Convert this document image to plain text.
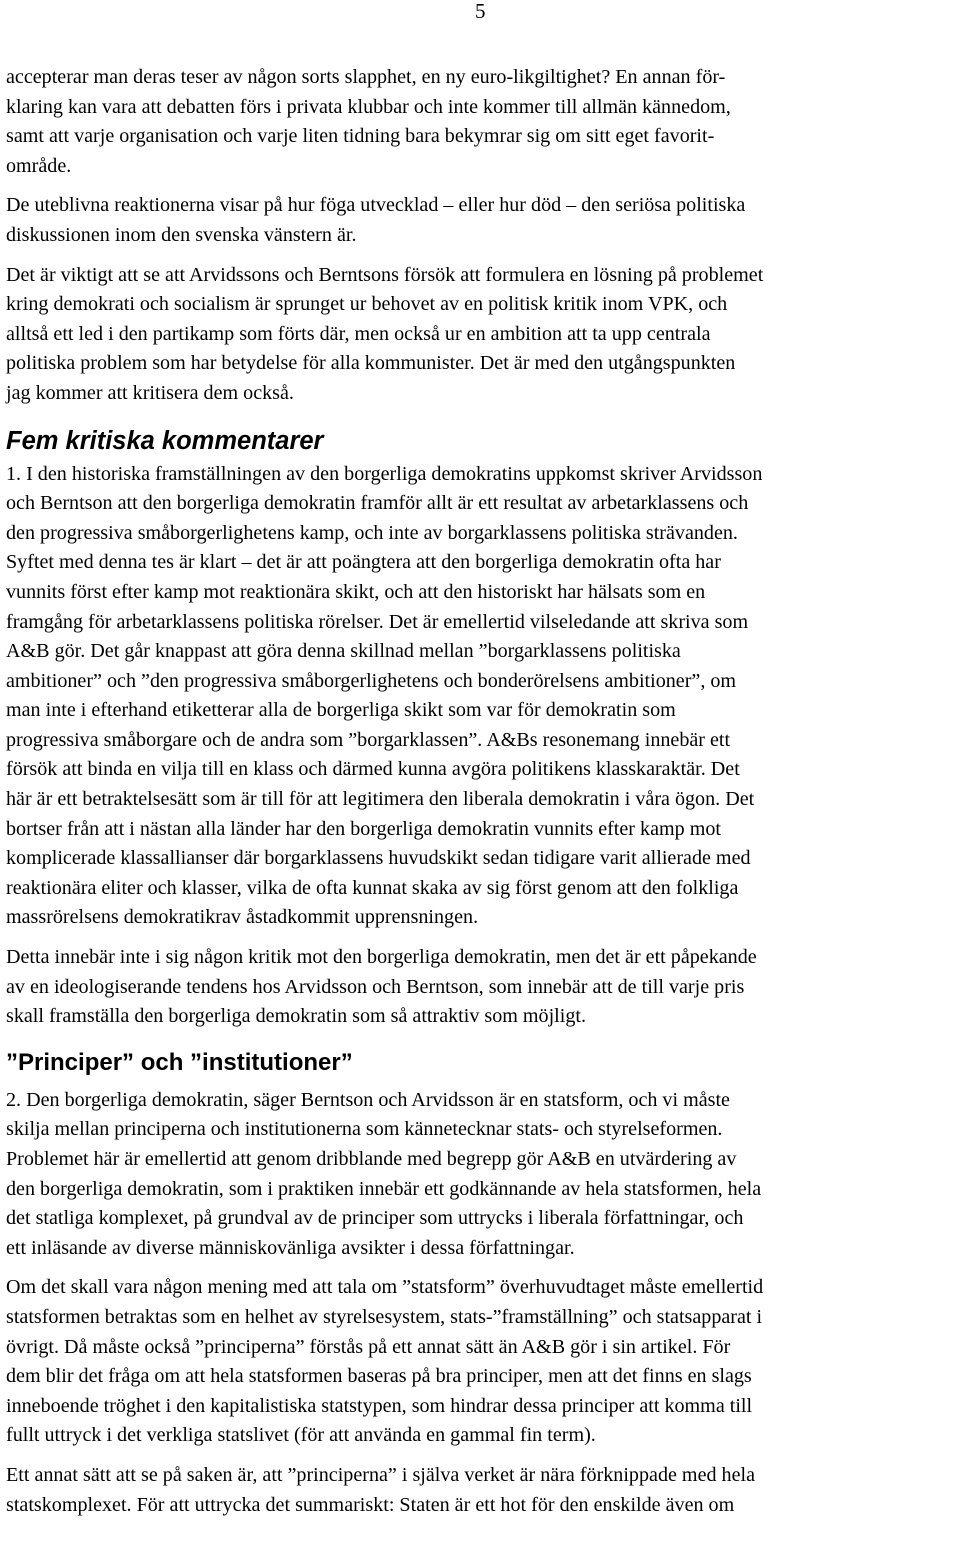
5

accepterar man deras teser av någon sorts slapphet, en ny euro-likgiltighet? En annan för-
klaring kan vara att debatten förs i privata klubbar och inte kommer till allmän kännedom,
samt att varje organisation och varje liten tidning bara bekymrar sig om sitt eget favorit-
område.

De uteblivna reaktionerna visar på hur föga utvecklad – eller hur död – den seriösa politiska
diskussionen inom den svenska vänstern är.

Det är viktigt att se att Arvidssons och Berntsons försök att formulera en lösning på problemet
kring demokrati och socialism är sprunget ur behovet av en politisk kritik inom VPK, och
alltså ett led i den partikamp som förts där, men också ur en ambition att ta upp centrala
politiska problem som har betydelse för alla kommunister. Det är med den utgångspunkten
jag kommer att kritisera dem också.

Fem kritiska kommentarer

1. I den historiska framställningen av den borgerliga demokratins uppkomst skriver Arvidsson
och Berntson att den borgerliga demokratin framför allt är ett resultat av arbetarklassens och
den progressiva småborgerlighetens kamp, och inte av borgarklassens politiska strävanden.
Syftet med denna tes är klart – det är att poängtera att den borgerliga demokratin ofta har
vunnits först efter kamp mot reaktionära skikt, och att den historiskt har hälsats som en
framgång för arbetarklassens politiska rörelser. Det är emellertid vilseledande att skriva som
A&B gör. Det går knappast att göra denna skillnad mellan ”borgarklassens politiska
ambitioner” och ”den progressiva småborgerlighetens och bonderörelsens ambitioner”, om
man inte i efterhand etiketterar alla de borgerliga skikt som var för demokratin som
progressiva småborgare och de andra som ”borgarklassen”. A&Bs resonemang innebär ett
försök att binda en vilja till en klass och därmed kunna avgöra politikens klasskaraktär. Det
här är ett betraktelsesätt som är till för att legitimera den liberala demokratin i våra ögon. Det
bortser från att i nästan alla länder har den borgerliga demokratin vunnits efter kamp mot
komplicerade klassallianser där borgarklassens huvudskikt sedan tidigare varit allierade med
reaktionära eliter och klasser, vilka de ofta kunnat skaka av sig först genom att den folkliga
massrörelsens demokratikrav åstadkommit upprensningen.

Detta innebär inte i sig någon kritik mot den borgerliga demokratin, men det är ett påpekande
av en ideologiserande tendens hos Arvidsson och Berntson, som innebär att de till varje pris
skall framställa den borgerliga demokratin som så attraktiv som möjligt.

”Principer” och ”institutioner”

2. Den borgerliga demokratin, säger Berntson och Arvidsson är en statsform, och vi måste
skilja mellan principerna och institutionerna som kännetecknar stats- och styrelseformen.
Problemet här är emellertid att genom dribblande med begrepp gör A&B en utvärdering av
den borgerliga demokratin, som i praktiken innebär ett godkännande av hela statsformen, hela
det statliga komplexet, på grundval av de principer som uttrycks i liberala författningar, och
ett inläsande av diverse människovänliga avsikter i dessa författningar.

Om det skall vara någon mening med att tala om ”statsform” överhuvudtaget måste emellertid
statsformen betraktas som en helhet av styrelsesystem, stats-”framställning” och statsapparat i
övrigt. Då måste också ”principerna” förstås på ett annat sätt än A&B gör i sin artikel. För
dem blir det fråga om att hela statsformen baseras på bra principer, men att det finns en slags
inneboende tröghet i den kapitalistiska statstypen, som hindrar dessa principer att komma till
fullt uttryck i det verkliga statslivet (för att använda en gammal fin term).

Ett annat sätt att se på saken är, att ”principerna” i själva verket är nära förknippade med hela
statskomplexet. För att uttrycka det summariskt: Staten är ett hot för den enskilde även om
